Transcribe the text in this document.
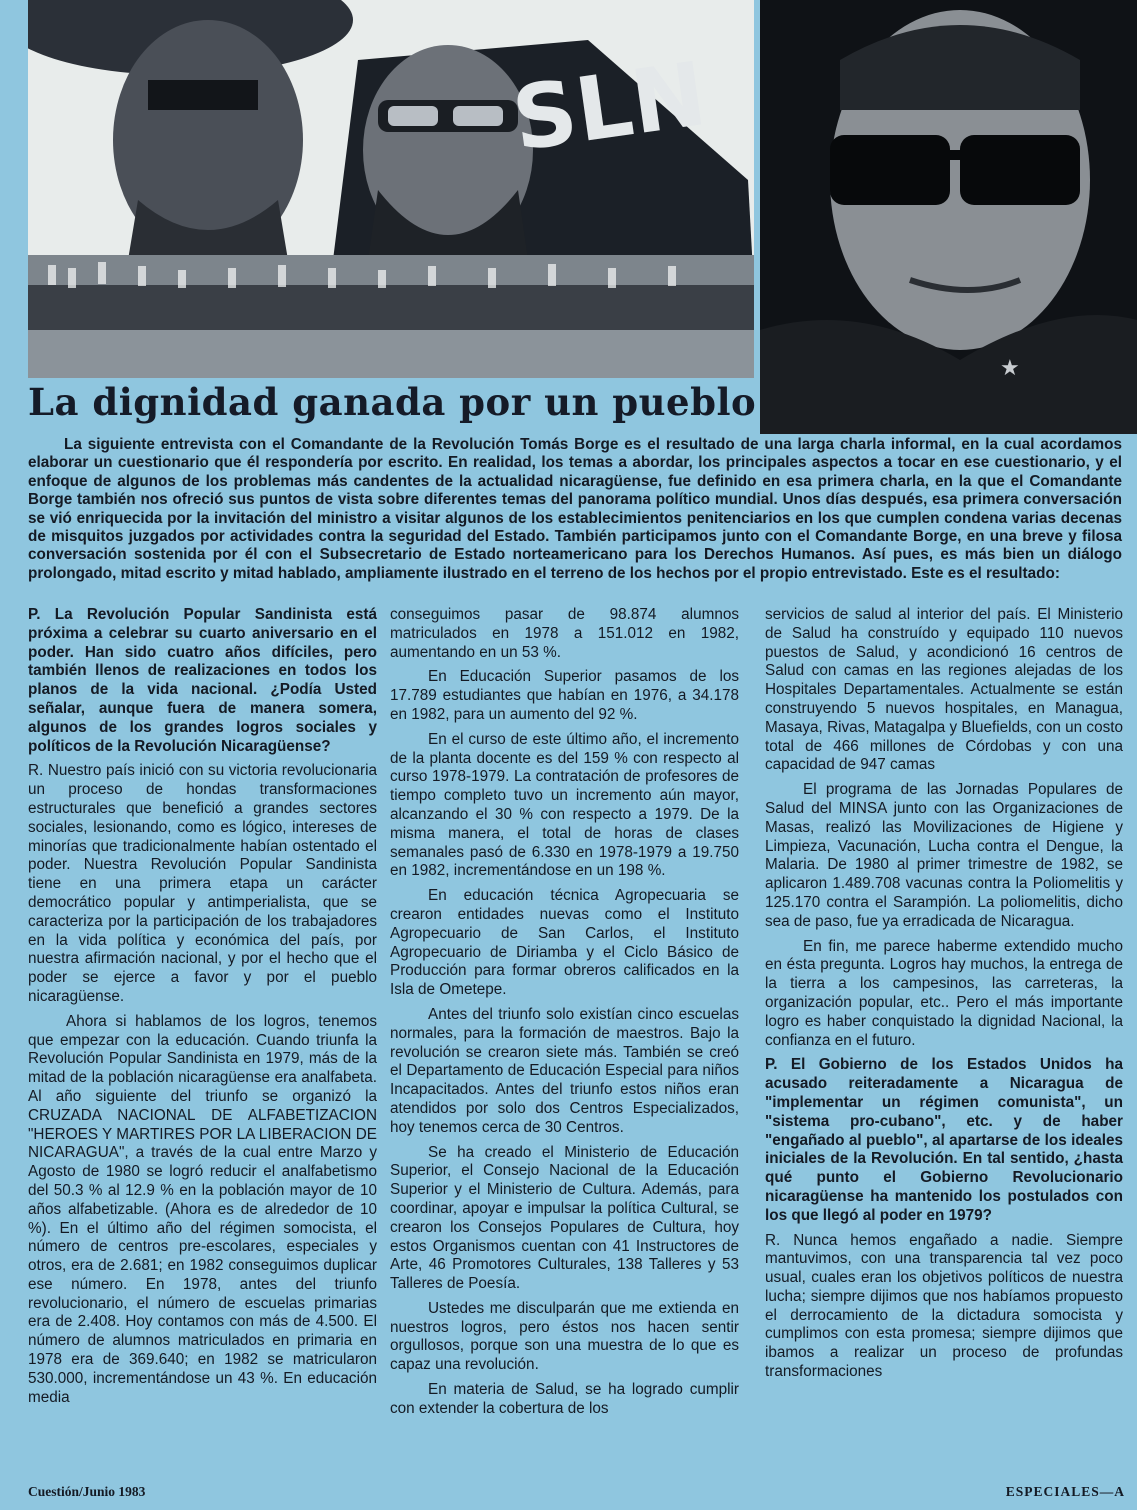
SLN
★
La dignidad ganada por un pueblo

La siguiente entrevista con el Comandante de la Revolución Tomás Borge es el resultado de una larga charla informal, en la cual acordamos elaborar un cuestionario que él respondería por escrito. En realidad, los temas a abordar, los principales aspectos a tocar en ese cuestionario, y el enfoque de algunos de los problemas más candentes de la actualidad nicaragüense, fue definido en esa primera charla, en la que el Comandante Borge también nos ofreció sus puntos de vista sobre diferentes temas del panorama político mundial. Unos días después, esa primera conversación se vió enriquecida por la invitación del ministro a visitar algunos de los establecimientos penitenciarios en los que cumplen condena varias decenas de misquitos juzgados por actividades contra la seguridad del Estado. También participamos junto con el Comandante Borge, en una breve y filosa conversación sostenida por él con el Subsecretario de Estado norteamericano para los Derechos Humanos. Así pues, es más bien un diálogo prolongado, mitad escrito y mitad hablado, ampliamente ilustrado en el terreno de los hechos por el propio entrevistado. Este es el resultado:

P. La Revolución Popular Sandinista está próxima a celebrar su cuarto aniversario en el poder. Han sido cuatro años difíciles, pero también llenos de realizaciones en todos los planos de la vida nacional. ¿Podía Usted señalar, aunque fuera de manera somera, algunos de los grandes logros sociales y políticos de la Revolución Nicaragüense?

R. Nuestro país inició con su victoria revolucionaria un proceso de hondas transformaciones estructurales que benefició a grandes sectores sociales, lesionando, como es lógico, intereses de minorías que tradicionalmente habían ostentado el poder. Nuestra Revolución Popular Sandinista tiene en una primera etapa un carácter democrático popular y antimperialista, que se caracteriza por la participación de los trabajadores en la vida política y económica del país, por nuestra afirmación nacional, y por el hecho que el poder se ejerce a favor y por el pueblo nicaragüense.

Ahora si hablamos de los logros, tenemos que empezar con la educación. Cuando triunfa la Revolución Popular Sandinista en 1979, más de la mitad de la población nicaragüense era analfabeta. Al año siguiente del triunfo se organizó la CRUZADA NACIONAL DE ALFABETIZACION "HEROES Y MARTIRES POR LA LIBERACION DE NICARAGUA", a través de la cual entre Marzo y Agosto de 1980 se logró reducir el analfabetismo del 50.3 % al 12.9 % en la población mayor de 10 años alfabetizable. (Ahora es de alrededor de 10 %). En el último año del régimen somocista, el número de centros pre-escolares, especiales y otros, era de 2.681; en 1982 conseguimos duplicar ese número. En 1978, antes del triunfo revolucionario, el número de escuelas primarias era de 2.408. Hoy contamos con más de 4.500. El número de alumnos matriculados en primaria en 1978 era de 369.640; en 1982 se matricularon 530.000, incrementándose un 43 %. En educación media

conseguimos pasar de 98.874 alumnos matriculados en 1978 a 151.012 en 1982, aumentando en un 53 %.

En Educación Superior pasamos de los 17.789 estudiantes que habían en 1976, a 34.178 en 1982, para un aumento del 92 %.

En el curso de este último año, el incremento de la planta docente es del 159 % con respecto al curso 1978-1979. La contratación de profesores de tiempo completo tuvo un incremento aún mayor, alcanzando el 30 % con respecto a 1979. De la misma manera, el total de horas de clases semanales pasó de 6.330 en 1978-1979 a 19.750 en 1982, incrementándose en un 198 %.

En educación técnica Agropecuaria se crearon entidades nuevas como el Instituto Agropecuario de San Carlos, el Instituto Agropecuario de Diriamba y el Ciclo Básico de Producción para formar obreros calificados en la Isla de Ometepe.

Antes del triunfo solo existían cinco escuelas normales, para la formación de maestros. Bajo la revolución se crearon siete más. También se creó el Departamento de Educación Especial para niños Incapacitados. Antes del triunfo estos niños eran atendidos por solo dos Centros Especializados, hoy tenemos cerca de 30 Centros.

Se ha creado el Ministerio de Educación Superior, el Consejo Nacional de la Educación Superior y el Ministerio de Cultura. Además, para coordinar, apoyar e impulsar la política Cultural, se crearon los Consejos Populares de Cultura, hoy estos Organismos cuentan con 41 Instructores de Arte, 46 Promotores Culturales, 138 Talleres y 53 Talleres de Poesía.

Ustedes me disculparán que me extienda en nuestros logros, pero éstos nos hacen sentir orgullosos, porque son una muestra de lo que es capaz una revolución.

En materia de Salud, se ha logrado cumplir con extender la cobertura de los

servicios de salud al interior del país. El Ministerio de Salud ha construído y equipado 110 nuevos puestos de Salud, y acondicionó 16 centros de Salud con camas en las regiones alejadas de los Hospitales Departamentales. Actualmente se están construyendo 5 nuevos hospitales, en Managua, Masaya, Rivas, Matagalpa y Bluefields, con un costo total de 466 millones de Córdobas y con una capacidad de 947 camas

El programa de las Jornadas Populares de Salud del MINSA junto con las Organizaciones de Masas, realizó las Movilizaciones de Higiene y Limpieza, Vacunación, Lucha contra el Dengue, la Malaria. De 1980 al primer trimestre de 1982, se aplicaron 1.489.708 vacunas contra la Poliomelitis y 125.170 contra el Sarampión. La poliomelitis, dicho sea de paso, fue ya erradicada de Nicaragua.

En fin, me parece haberme extendido mucho en ésta pregunta. Logros hay muchos, la entrega de la tierra a los campesinos, las carreteras, la organización popular, etc.. Pero el más importante logro es haber conquistado la dignidad Nacional, la confianza en el futuro.

P. El Gobierno de los Estados Unidos ha acusado reiteradamente a Nicaragua de "implementar un régimen comunista", un "sistema pro-cubano", etc. y de haber "engañado al pueblo", al apartarse de los ideales iniciales de la Revolución. En tal sentido, ¿hasta qué punto el Gobierno Revolucionario nicaragüense ha mantenido los postulados con los que llegó al poder en 1979?

R. Nunca hemos engañado a nadie. Siempre mantuvimos, con una transparencia tal vez poco usual, cuales eran los objetivos políticos de nuestra lucha; siempre dijimos que nos habíamos propuesto el derrocamiento de la dictadura somocista y cumplimos con esta promesa; siempre dijimos que ibamos a realizar un proceso de profundas transformaciones

Cuestión/Junio 1983	ESPECIALES—A
